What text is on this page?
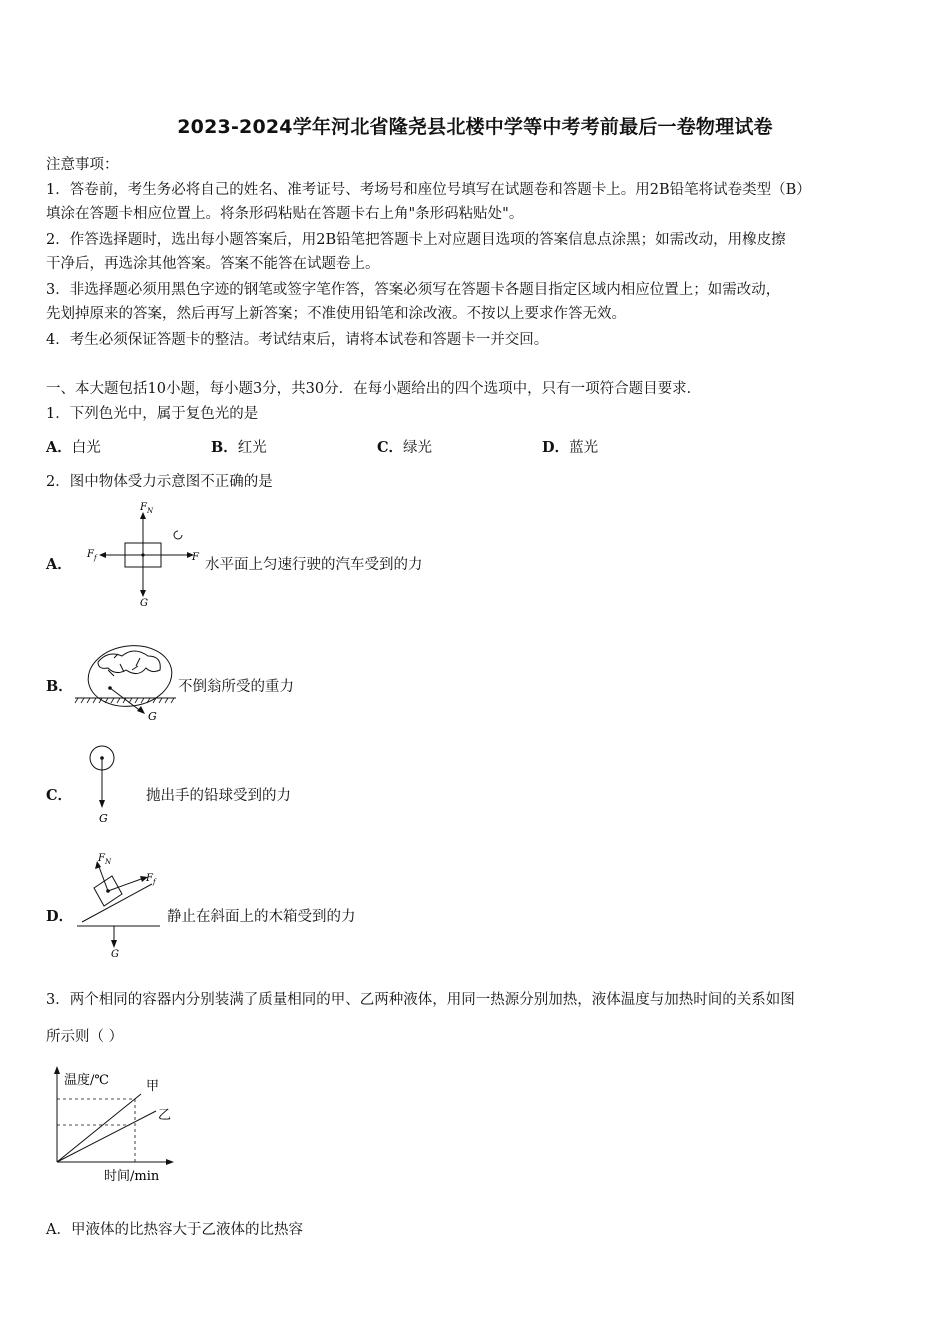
2023-2024学年河北省隆尧县北楼中学等中考考前最后一卷物理试卷
注意事项：
1．答卷前，考生务必将自己的姓名、准考证号、考场号和座位号填写在试题卷和答题卡上。用2B铅笔将试卷类型（B）
填涂在答题卡相应位置上。将条形码粘贴在答题卡右上角"条形码粘贴处"。
2．作答选择题时，选出每小题答案后，用2B铅笔把答题卡上对应题目选项的答案信息点涂黑；如需改动，用橡皮擦
干净后，再选涂其他答案。答案不能答在试题卷上。
3．非选择题必须用黑色字迹的钢笔或签字笔作答，答案必须写在答题卡各题目指定区域内相应位置上；如需改动，
先划掉原来的答案，然后再写上新答案；不准使用铅笔和涂改液。不按以上要求作答无效。
4．考生必须保证答题卡的整洁。考试结束后，请将本试卷和答题卡一并交回。
一、本大题包括10小题，每小题3分，共30分．在每小题给出的四个选项中，只有一项符合题目要求．
1．下列色光中，属于复色光的是
A．白光	B．红光	C．绿光	D．蓝光
2．图中物体受力示意图不正确的是
A．
$F_N$
$F_f$	F
G
水平面上匀速行驶的汽车受到的力
B．
G
不倒翁所受的重力
C．
G
抛出手的铅球受到的力
D．
$F_N$
$F_f$
G
静止在斜面上的木箱受到的力
3．两个相同的容器内分别装满了质量相同的甲、乙两种液体，用同一热源分别加热，液体温度与加热时间的关系如图
所示则（ ）
温度/℃	甲
乙
时间/min
A．甲液体的比热容大于乙液体的比热容
